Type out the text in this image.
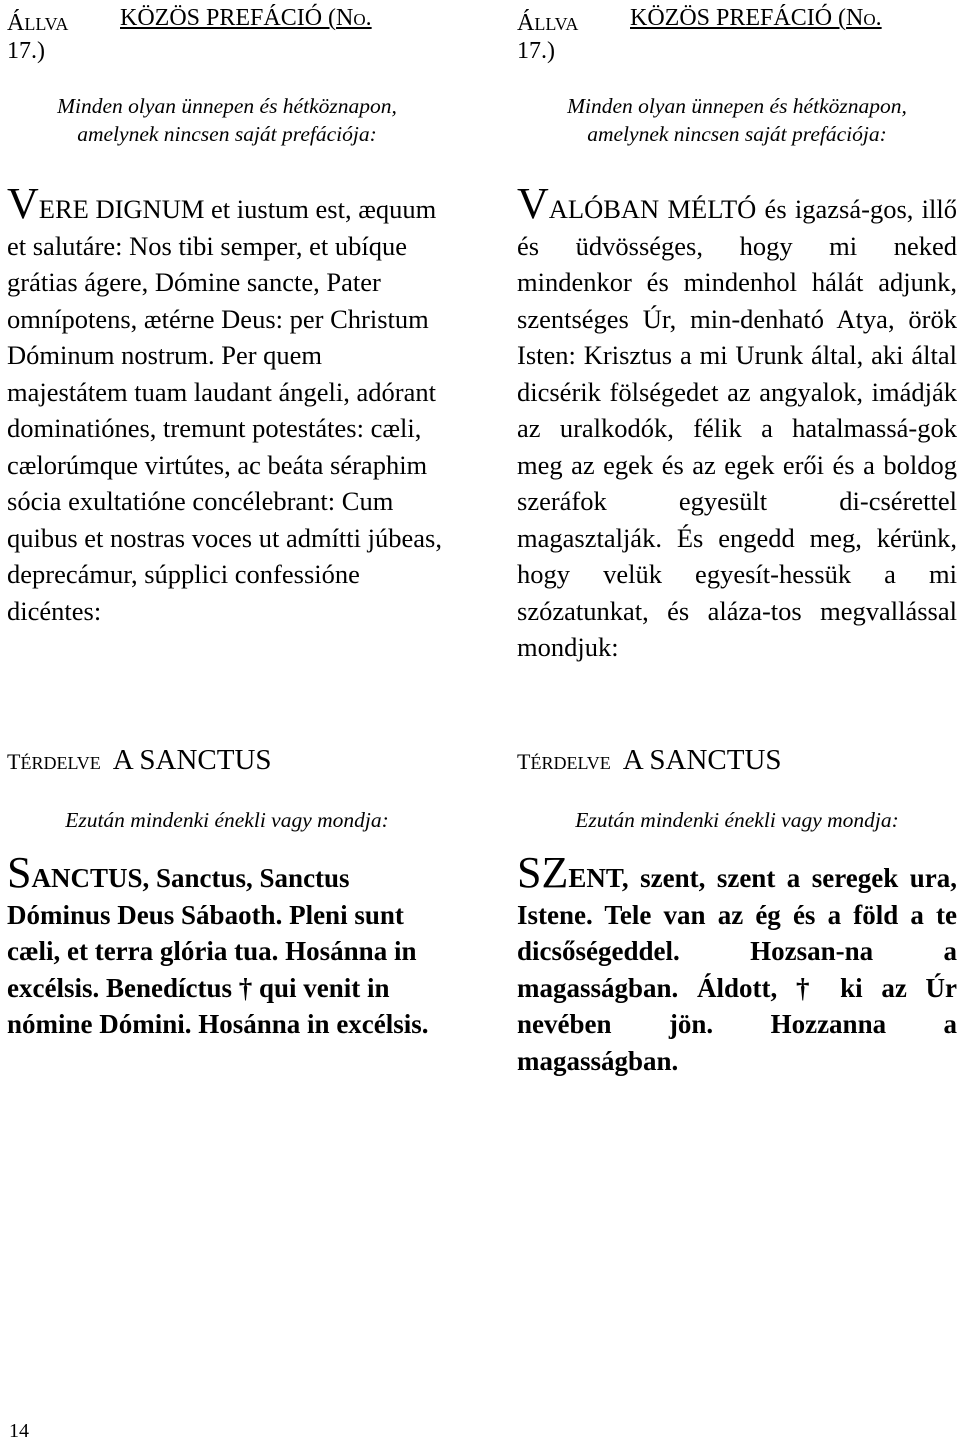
ÁLLVA KÖZÖS PREFÁCIÓ (No.
17.)
Minden olyan ünnepen és hétköznapon,
amelynek nincsen saját prefációja:
VERE DIGNUM et iustum est, æquum et salutáre: Nos tibi semper, et ubíque grátias ágere, Dómine sancte, Pater omnípotens, ætérne Deus: per Christum Dóminum nostrum. Per quem majestátem tuam laudant ángeli, adórant dominatiónes, tremunt potestátes: cæli, cælorúmque virtútes, ac beáta séraphim sócia exultatióne concélebrant: Cum quibus et nostras voces ut admítti júbeas, deprecámur, súpplici confessióne dicéntes:
TÉRDELVE A SANCTUS
Ezután mindenki énekli vagy mondja:
SANCTUS, Sanctus, Sanctus Dóminus Deus Sábaoth. Pleni sunt cæli, et terra glória tua. Hosánna in excélsis. Benedíctus † qui venit in nómine Dómini. Hosánna in excélsis.
ÁLLVA KÖZÖS PREFÁCIÓ (No.
17.)
Minden olyan ünnepen és hétköznapon,
amelynek nincsen saját prefációja:
VALÓBAN MÉLTÓ és igazsá-gos, illő és üdvösséges, hogy mi neked mindenkor és mindenhol hálát adjunk, szentséges Úr, min-denható Atya, örök Isten: Krisztus a mi Urunk által, aki által dicsérik fölségedet az angyalok, imádják az uralkodók, félik a hatalmassá-gok meg az egek és az egek erői és a boldog szeráfok egyesült di-csérettel magasztalják. És engedd meg, kérünk, hogy velük egyesít-hessük a mi szózatunkat, és aláza-tos megvallással mondjuk:
TÉRDELVE A SANCTUS
Ezután mindenki énekli vagy mondja:
SZENT, szent, szent a seregek ura, Istene. Tele van az ég és a föld a te dicsőségeddel. Hozsan-na a magasságban. Áldott, † ki az Úr nevében jön. Hozzanna a magasságban.
14
